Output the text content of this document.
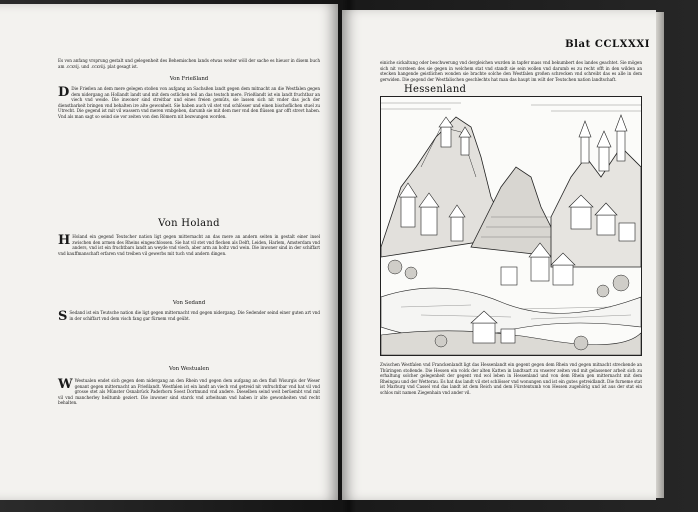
Es von anfang vrsprung gestalt und gelegenheit des Behemischen lands etwas weiter wöll der sache es hieuor in disem buch am .ccxvij. und .ccxviij. plat gesagt ist.

Von Frießland

D Die Frießen an dem mere gelegen stoßen von aufgang an Sachsßen landt gegen dem mitnacht an die Westfalen gegen dem nidergang an Hollandt landt und mit dem ostlichen teil an das teutsch mere. Frießlandt ist ein landt fruchtbar an viech vnd weide. Die inwoner sind streitbar und eines freien gemüts, sie lassen sich nit vnder das joch der dienstbarkeit bringen vnd behalten ire alte gewonheit. Sie haben auch vil stet vnd schlösser und einen bischoflichen stuel zu Utrecht. Die gegend ist mit vil wassern vnd meren vmbgeben, darumb sie mit dem mer vnd den flüssen gar offt strevt haben. Vnd als man sagt so seind sie vor zeiten von den Römern nit bezwungen worden.

Von Holand

H Holand ein gegend Teutscher nation ligt gegen mitternacht an das mere an andern seiten in gestalt einer insel zwischen den armen des Rheins eingeschlossen. Sie hat vil stet vnd flecken als Delft, Leiden, Harlem, Amsterdam vnd anders, vnd ist ein fruchtbars landt an weyde vnd viech, aber arm an holtz vnd wein. Die inwoner sind in der schiffart vnd kauffmanschaft erfaren vnd treiben vil gewerbs mit tuch vnd andern dingen.

Von Sedand

S Sedand ist ein Teutsche nation die ligt gegen mitternacht vnd gegen nidergang. Die Sedender seind einer guten art vnd in der schiffart vnd dem visch fang gar fürnem vnd geübt.

Von Westualen

W Westualen endet sich gegen dem nidergang an den Rhein vnd gegen dem aufgang an den fluß Wisurgis der Weser genant gegen mitternacht an Frießlandt. Westfalen ist ein landt an viech vnd getreid nit vnfruchtbar vnd hat vil vnd grosse stet als Münster Osnabrück Paderborn Soest Dortmund vnd andere. Dieselben seind weit berüembt vnd mit vil vnd mancherley heiltumb geziert. Die inwoner sind starck vnd arbeitsam vnd haben ir alte gewonheiten vnd recht behalten.

Blat CCLXXXI

einiche sickaltung oder beschwerung vnd dergleichen wurden in tapfer mass vnd bekumbert des landes geachtet. Sie mögen sich nit vorsteen des sie gegen in welchem stat vnd standt sie sein wollen vnd darumb es zu recht offt in den wilden an stecken hangende geistlichen wonden sie brachte solche den Westfalen großen schrecken vnd schreibt das es alle in dem gerwiden. Die gegend der Westfalischen geschlechts hat man das haupt im wilt der Teutschen nation landtschaft.

Hessenland

Zwischen Westfalen vnd Franckenlandt ligt das Hessenlandt ein gegent gegen dem Rhein vnd gegen mitnacht streckende an Thüringen stoßende. Die Hessen ein volck der alten Katten in landtsart zu vnserer zeiten vnd mit gelassener arbeit sich zu erhaltung solcher gelegenheit der gegent vnd wol leben in Hessenland und von dem Rhein gen mitternacht mit dem Rheingau und der Wetterau. Es hat das landt vil stet schlösser vnd wonungen und ist ein gutes getreidlandt. Die furneme stat ist Marburg vnd Cassel vnd das landt ist dem Reich und dem Fürstentumb von Hessen zugehörig und ist aus der stat ein schlos mit namen Ziegenhain vnd ander vil.
